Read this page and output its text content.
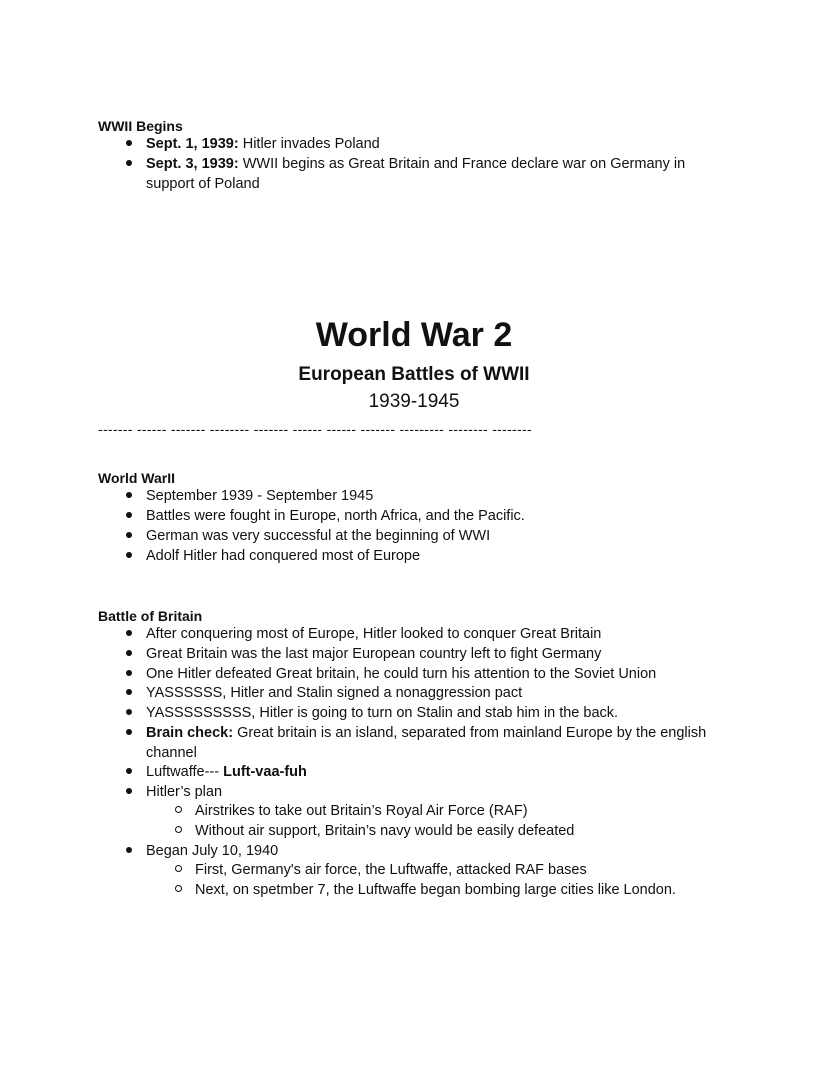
WWII Begins
Sept. 1, 1939: Hitler invades Poland
Sept. 3, 1939: WWII begins as Great Britain and France declare war on Germany in
support of Poland
World War 2
European Battles of WWII
1939-1945
------- ------ ------- -------- ------- ------ ------ ------- --------- -------- --------
World WarII
September 1939 - September 1945
Battles were fought in Europe, north Africa, and the Pacific.
German was very successful at the beginning of WWI
Adolf Hitler had conquered most of Europe
Battle of Britain
After conquering most of Europe, Hitler looked to conquer Great Britain
Great Britain was the last major European country left to fight Germany
One Hitler defeated Great britain, he could turn his attention to the Soviet Union
YASSSSSS, Hitler and Stalin signed a nonaggression pact
YASSSSSSSSS, Hitler is going to turn on Stalin and stab him in the back.
Brain check: Great britain is an island, separated from mainland Europe by the english
channel
Luftwaffe--- Luft-vaa-fuh
Hitler’s plan
Airstrikes to take out Britain’s Royal Air Force (RAF)
Without air support, Britain’s navy would be easily defeated
Began July 10, 1940
First, Germany's air force, the Luftwaffe, attacked RAF bases
Next, on spetmber 7, the Luftwaffe began bombing large cities like London.
